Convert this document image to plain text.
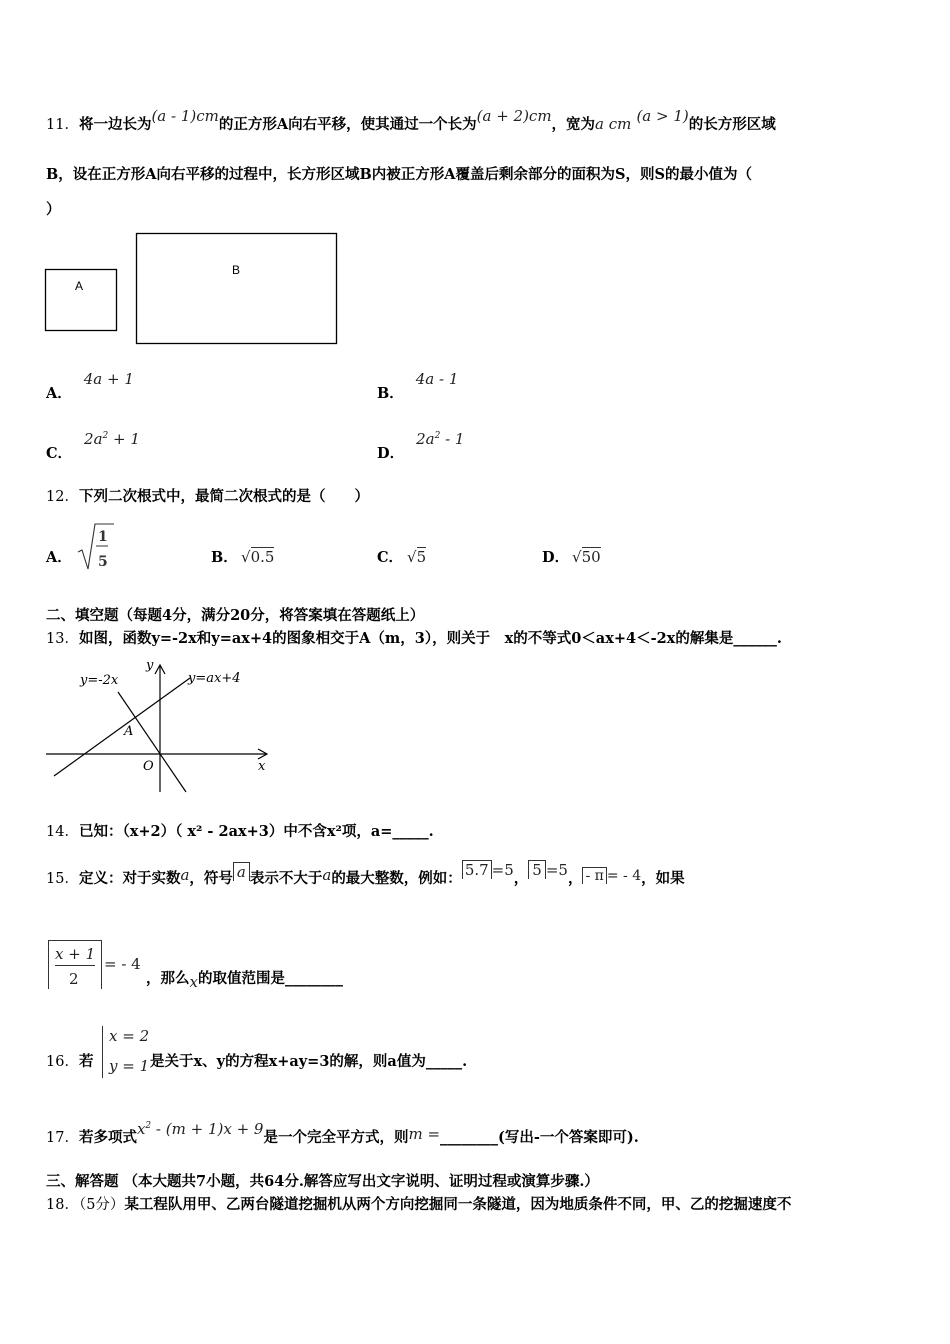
11．将一边长为(a - 1)cm的正方形A向右平移，使其通过一个长为(a + 2)cm，宽为a cm (a > 1)的长方形区域
B，设在正方形A向右平移的过程中，长方形区域B内被正方形A覆盖后剩余部分的面积为S，则S的最小值为（
）
A
B
A．4a + 1
B．4a - 1
C．$2a^2 + 1$
D．$2a^2 - 1$
12．下列二次根式中，最简二次根式的是（　　）
A．
1
5	B． √0.5	C． √5	D． √50
二、填空题（每题4分，满分20分，将答案填在答题纸上）
13．如图，函数y=-2x和y=ax+4的图象相交于A（m，3），则关于　x的不等式0＜ax+4＜-2x的解集是______.
y=-2x	y=ax+4
A
O	x
y
14．已知：（x+2）（ x² - 2ax+3）中不含x²项，a=_____.
15．定义：对于实数a，符号 a 表示不大于a的最大整数，例如： 5.7 =5， 5 =5， - π = - 4，如果
x + 1
2
= - 4
，那么x的取值范围是________
16． 若
x = 2
y = 1 是关于x、y的方程x+ay=3的解，则a值为_____.
17．若多项式$x^2 - (m + 1)x + 9$是一个完全平方式，则m =________(写出-一个答案即可).
三、解答题 （本大题共7小题，共64分.解答应写出文字说明、证明过程或演算步骤.）
18．（5分）某工程队用甲、乙两台隧道挖掘机从两个方向挖掘同一条隧道，因为地质条件不同，甲、乙的挖掘速度不
